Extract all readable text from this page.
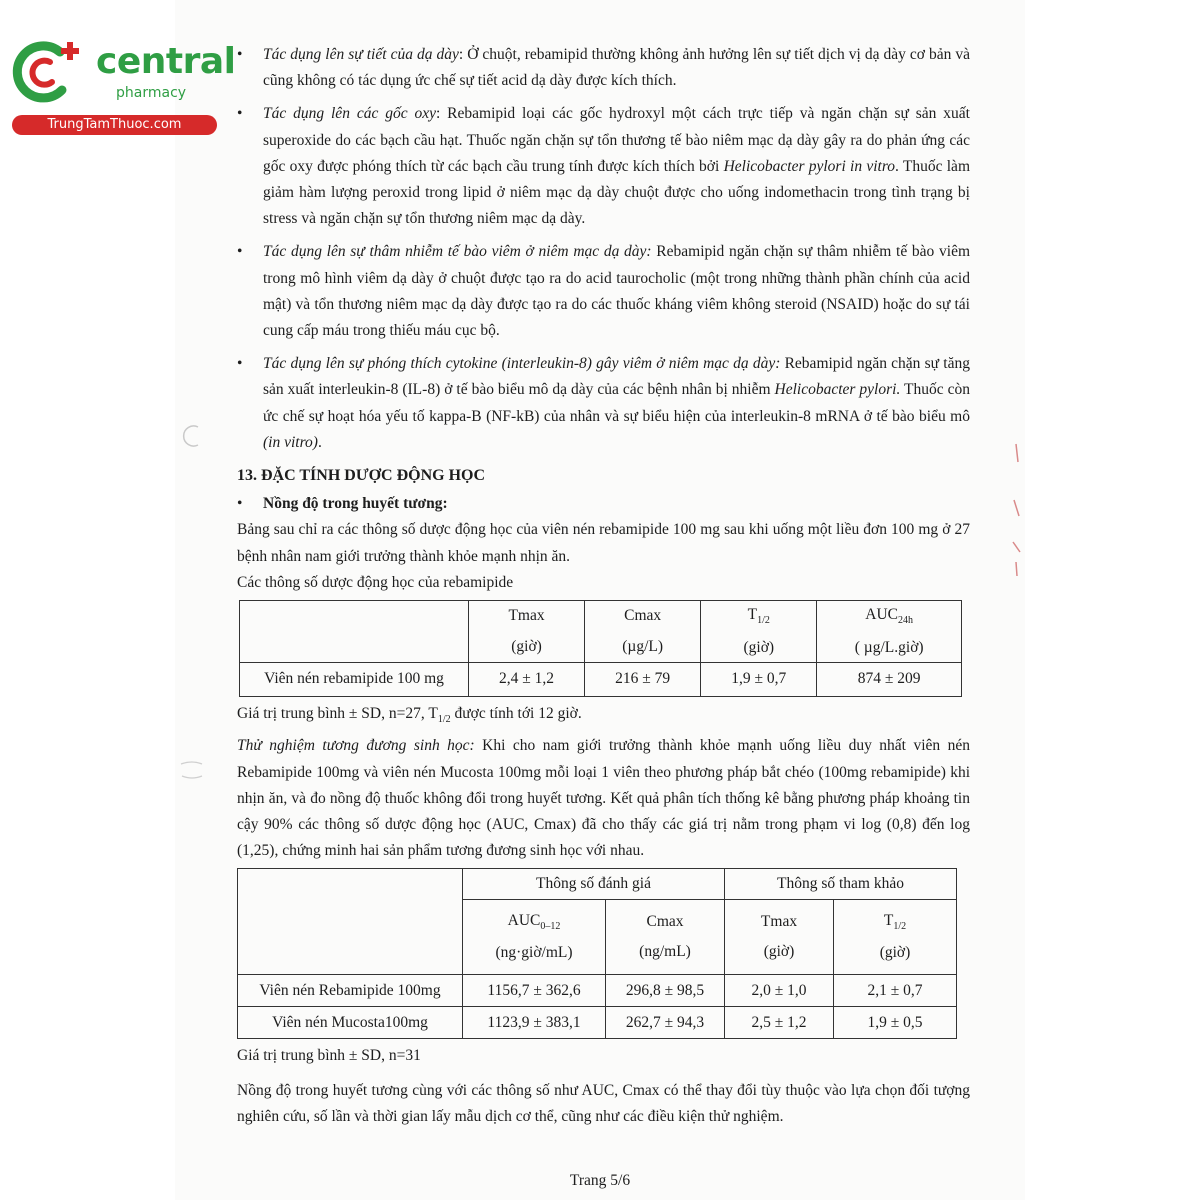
central
pharmacy
TrungTamThuoc.com
• Tác dụng lên sự tiết của dạ dày: Ở chuột, rebamipid thường không ảnh hưởng lên sự tiết dịch vị dạ dày cơ bản và cũng không có tác dụng ức chế sự tiết acid dạ dày được kích thích.
• Tác dụng lên các gốc oxy: Rebamipid loại các gốc hydroxyl một cách trực tiếp và ngăn chặn sự sản xuất superoxide do các bạch cầu hạt. Thuốc ngăn chặn sự tổn thương tế bào niêm mạc dạ dày gây ra do phản ứng các gốc oxy được phóng thích từ các bạch cầu trung tính được kích thích bởi Helicobacter pylori in vitro. Thuốc làm giảm hàm lượng peroxid trong lipid ở niêm mạc dạ dày chuột được cho uống indomethacin trong tình trạng bị stress và ngăn chặn sự tổn thương niêm mạc dạ dày.
• Tác dụng lên sự thâm nhiễm tế bào viêm ở niêm mạc dạ dày: Rebamipid ngăn chặn sự thâm nhiễm tế bào viêm trong mô hình viêm dạ dày ở chuột được tạo ra do acid taurocholic (một trong những thành phần chính của acid mật) và tổn thương niêm mạc dạ dày được tạo ra do các thuốc kháng viêm không steroid (NSAID) hoặc do sự tái cung cấp máu trong thiếu máu cục bộ.
• Tác dụng lên sự phóng thích cytokine (interleukin-8) gây viêm ở niêm mạc dạ dày: Rebamipid ngăn chặn sự tăng sản xuất interleukin-8 (IL-8) ở tế bào biểu mô dạ dày của các bệnh nhân bị nhiễm Helicobacter pylori. Thuốc còn ức chế sự hoạt hóa yếu tố kappa-B (NF-kB) của nhân và sự biểu hiện của interleukin-8 mRNA ở tế bào biểu mô (in vitro).
13. ĐẶC TÍNH DƯỢC ĐỘNG HỌC
• Nồng độ trong huyết tương:

Bảng sau chỉ ra các thông số dược động học của viên nén rebamipide 100 mg sau khi uống một liều đơn 100 mg ở 27 bệnh nhân nam giới trưởng thành khỏe mạnh nhịn ăn.

Các thông số dược động học của rebamipide

	Tmax
(giờ)	Cmax
(µg/L)	$T_{1/2}$
(giờ)	$AUC_{24h}$
( µg/L.giờ)
Viên nén rebamipide 100 mg	2,4 ± 1,2	216 ± 79	1,9 ± 0,7	874 ± 209

Giá trị trung bình ± SD, n=27, $T_{1/2}$ được tính tới 12 giờ.

Thử nghiệm tương đương sinh học: Khi cho nam giới trưởng thành khỏe mạnh uống liều duy nhất viên nén Rebamipide 100mg và viên nén Mucosta 100mg mỗi loại 1 viên theo phương pháp bắt chéo (100mg rebamipide) khi nhịn ăn, và đo nồng độ thuốc không đổi trong huyết tương. Kết quả phân tích thống kê bằng phương pháp khoảng tin cậy 90% các thông số dược động học (AUC, Cmax) đã cho thấy các giá trị nằm trong phạm vi log (0,8) đến log (1,25), chứng minh hai sản phẩm tương đương sinh học với nhau.

	Thông số đánh giá		Thông số tham khảo	
	$AUC_{0-12}$
(ng·giờ/mL)	Cmax
(ng/mL)	Tmax
(giờ)	$T_{1/2}$
(giờ)
Viên nén Rebamipide 100mg	1156,7 ± 362,6	296,8 ± 98,5	2,0 ± 1,0	2,1 ± 0,7
Viên nén Mucosta100mg	1123,9 ± 383,1	262,7 ± 94,3	2,5 ± 1,2	1,9 ± 0,5

Giá trị trung bình ± SD, n=31

Nồng độ trong huyết tương cùng với các thông số như AUC, Cmax có thể thay đổi tùy thuộc vào lựa chọn đối tượng nghiên cứu, số lần và thời gian lấy mẫu dịch cơ thể, cũng như các điều kiện thử nghiệm.

Trang 5/6
